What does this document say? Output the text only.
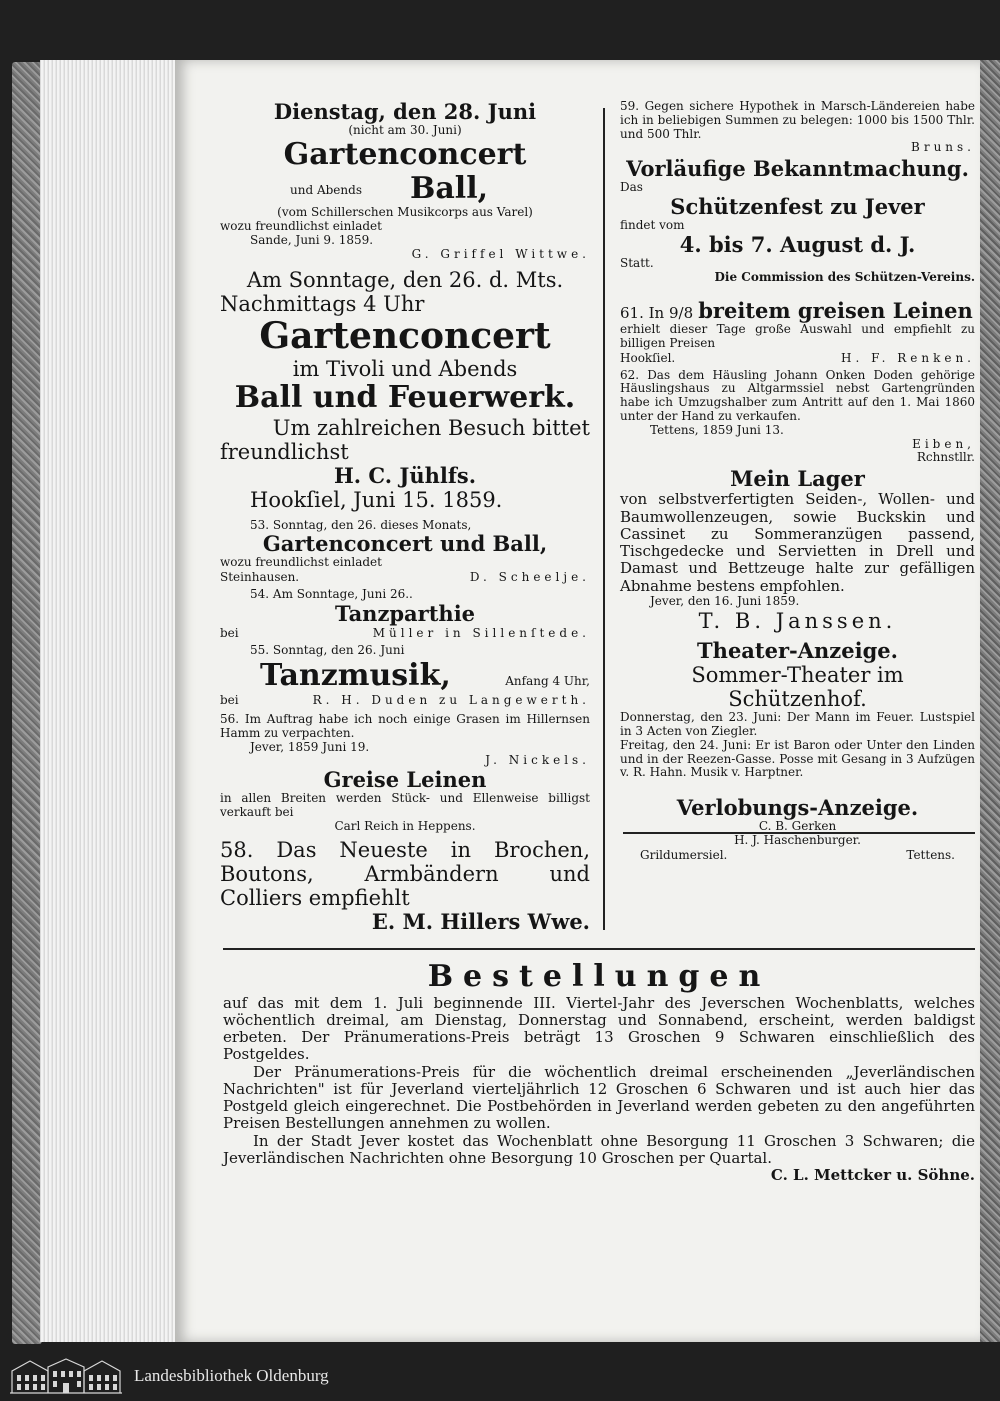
Dienstag, den 28. Juni

(nicht am 30. Juni)

Gartenconcert

und Abends Ball,

(vom Schillerschen Musikcorps aus Varel)

wozu freundlichst einladet

Sande, Juni 9. 1859.

G. Griffel Wittwe.

Am Sonntage, den 26. d. Mts.

Nachmittags 4 Uhr

Gartenconcert

im Tivoli und Abends

Ball und Feuerwerk.

Um zahlreichen Besuch bittet

freundlichst

H. C. Jühlfs.

Hookſiel, Juni 15. 1859.

53. Sonntag, den 26. dieses Monats,

Gartenconcert und Ball,

wozu freundlichst einladet

Steinhausen.	D. Scheelje.

54. Am Sonntage, Juni 26..

Tanzparthie

bei	Müller in Sillenſtede.

55. Sonntag, den 26. Juni

Tanzmusik,	Anfang 4 Uhr,
bei	R. H. Duden zu Langewerth.

56. Im Auftrag habe ich noch einige Grasen im Hillernsen Hamm zu verpachten.

Jever, 1859 Juni 19.

J. Nickels.

Greise Leinen

in allen Breiten werden Stück- und Ellenweise billigst verkauft bei

Carl Reich in Heppens.

58. Das Neueste in Brochen, Boutons, Armbändern und Colliers empfiehlt

E. M. Hillers Wwe.

59. Gegen sichere Hypothek in Marsch-Ländereien habe ich in beliebigen Summen zu belegen: 1000 bis 1500 Thlr. und 500 Thlr.

Bruns.

Vorläufige Bekanntmachung.

Das

Schützenfest zu Jever

findet vom

4. bis 7. August d. J.

Statt.

Die Commission des Schützen-Vereins.

61. In 9/8 breitem greisen Leinen

erhielt dieser Tage große Auswahl und empfiehlt zu billigen Preisen

Hookſiel.	H. F. Renken.

62. Das dem Häusling Johann Onken Doden gehörige Häuslingshaus zu Altgarmssiel nebst Gartengründen habe ich Umzugshalber zum Antritt auf den 1. Mai 1860 unter der Hand zu verkaufen.

Tettens, 1859 Juni 13.

Eiben,

Rchnstllr.

Mein Lager

von selbstverfertigten Seiden-, Wollen- und Baumwollenzeugen, sowie Buckskin und Cassinet zu Sommeranzügen passend, Tischgedecke und Servietten in Drell und Damast und Bettzeuge halte zur gefälligen Abnahme bestens empfohlen.

Jever, den 16. Juni 1859.

T. B. Janssen.

Theater-Anzeige.

Sommer-Theater im Schützenhof.

Donnerstag, den 23. Juni: Der Mann im Feuer. Lustspiel in 3 Acten von Ziegler.

Freitag, den 24. Juni: Er ist Baron oder Unter den Linden und in der Reezen-Gasse. Posse mit Gesang in 3 Aufzügen v. R. Hahn. Musik v. Harptner.

Verlobungs-Anzeige.

C. B. Gerken

H. J. Haschenburger.

Grildumersiel.	Tettens.

Bestellungen

auf das mit dem 1. Juli beginnende III. Viertel-Jahr des Jeverschen Wochenblatts, welches wöchentlich dreimal, am Dienstag, Donnerstag und Sonnabend, erscheint, werden baldigst erbeten. Der Pränumerations-Preis beträgt 13 Groschen 9 Schwaren einschließlich des Postgeldes.

Der Pränumerations-Preis für die wöchentlich dreimal erscheinenden „Jeverländischen Nachrichten" ist für Jeverland vierteljährlich 12 Groschen 6 Schwaren und ist auch hier das Postgeld gleich eingerechnet. Die Postbehörden in Jeverland werden gebeten zu den angeführten Preisen Bestellungen annehmen zu wollen.

In der Stadt Jever kostet das Wochenblatt ohne Besorgung 11 Groschen 3 Schwaren; die Jeverländischen Nachrichten ohne Besorgung 10 Groschen per Quartal.

C. L. Mettcker u. Söhne.

Landesbibliothek Oldenburg
